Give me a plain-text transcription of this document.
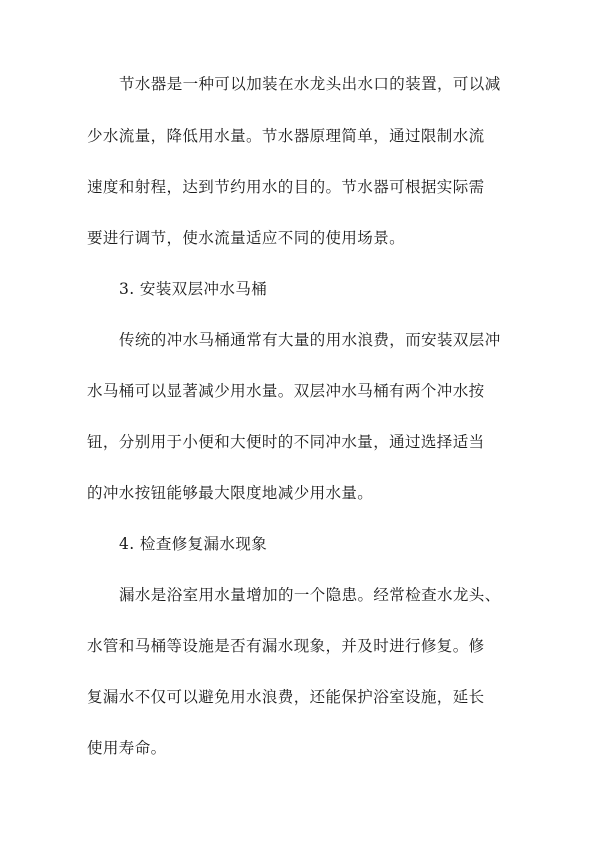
节水器是一种可以加装在水龙头出水口的装置，可以减

少水流量，降低用水量。节水器原理简单，通过限制水流

速度和射程，达到节约用水的目的。节水器可根据实际需

要进行调节，使水流量适应不同的使用场景。

3. 安装双层冲水马桶

传统的冲水马桶通常有大量的用水浪费，而安装双层冲

水马桶可以显著减少用水量。双层冲水马桶有两个冲水按

钮，分别用于小便和大便时的不同冲水量，通过选择适当

的冲水按钮能够最大限度地减少用水量。

4. 检查修复漏水现象

漏水是浴室用水量增加的一个隐患。经常检查水龙头、

水管和马桶等设施是否有漏水现象，并及时进行修复。修

复漏水不仅可以避免用水浪费，还能保护浴室设施，延长

使用寿命。
